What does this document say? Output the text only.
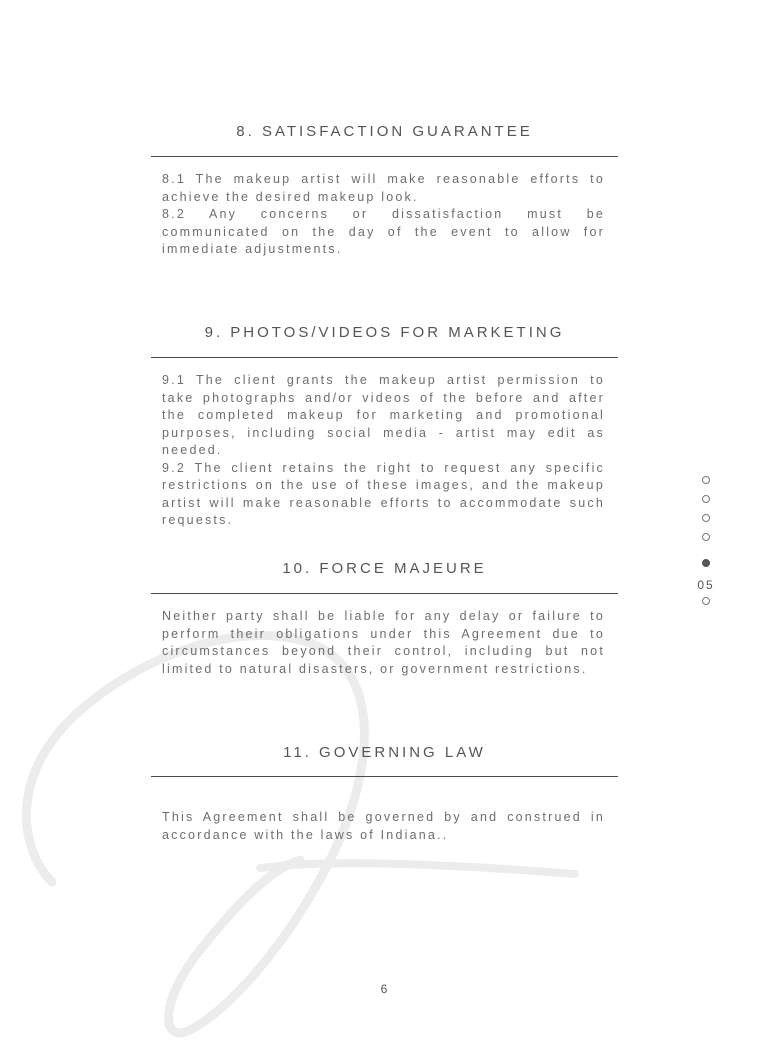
8. SATISFACTION GUARANTEE

8.1 The makeup artist will make reasonable efforts to achieve the desired makeup look.

8.2 Any concerns or dissatisfaction must be communicated on the day of the event to allow for immediate adjustments.

9. PHOTOS/VIDEOS FOR MARKETING

9.1 The client grants the makeup artist permission to take photographs and/or videos of the before and after the completed makeup for marketing and promotional purposes, including social media - artist may edit as needed.

9.2 The client retains the right to request any specific restrictions on the use of these images, and the makeup artist will make reasonable efforts to accommodate such requests.

10. FORCE MAJEURE

Neither party shall be liable for any delay or failure to perform their obligations under this Agreement due to circumstances beyond their control, including but not limited to natural disasters, or government restrictions.

11. GOVERNING LAW

This Agreement shall be governed by and construed in accordance with the laws of Indiana..

05
6
